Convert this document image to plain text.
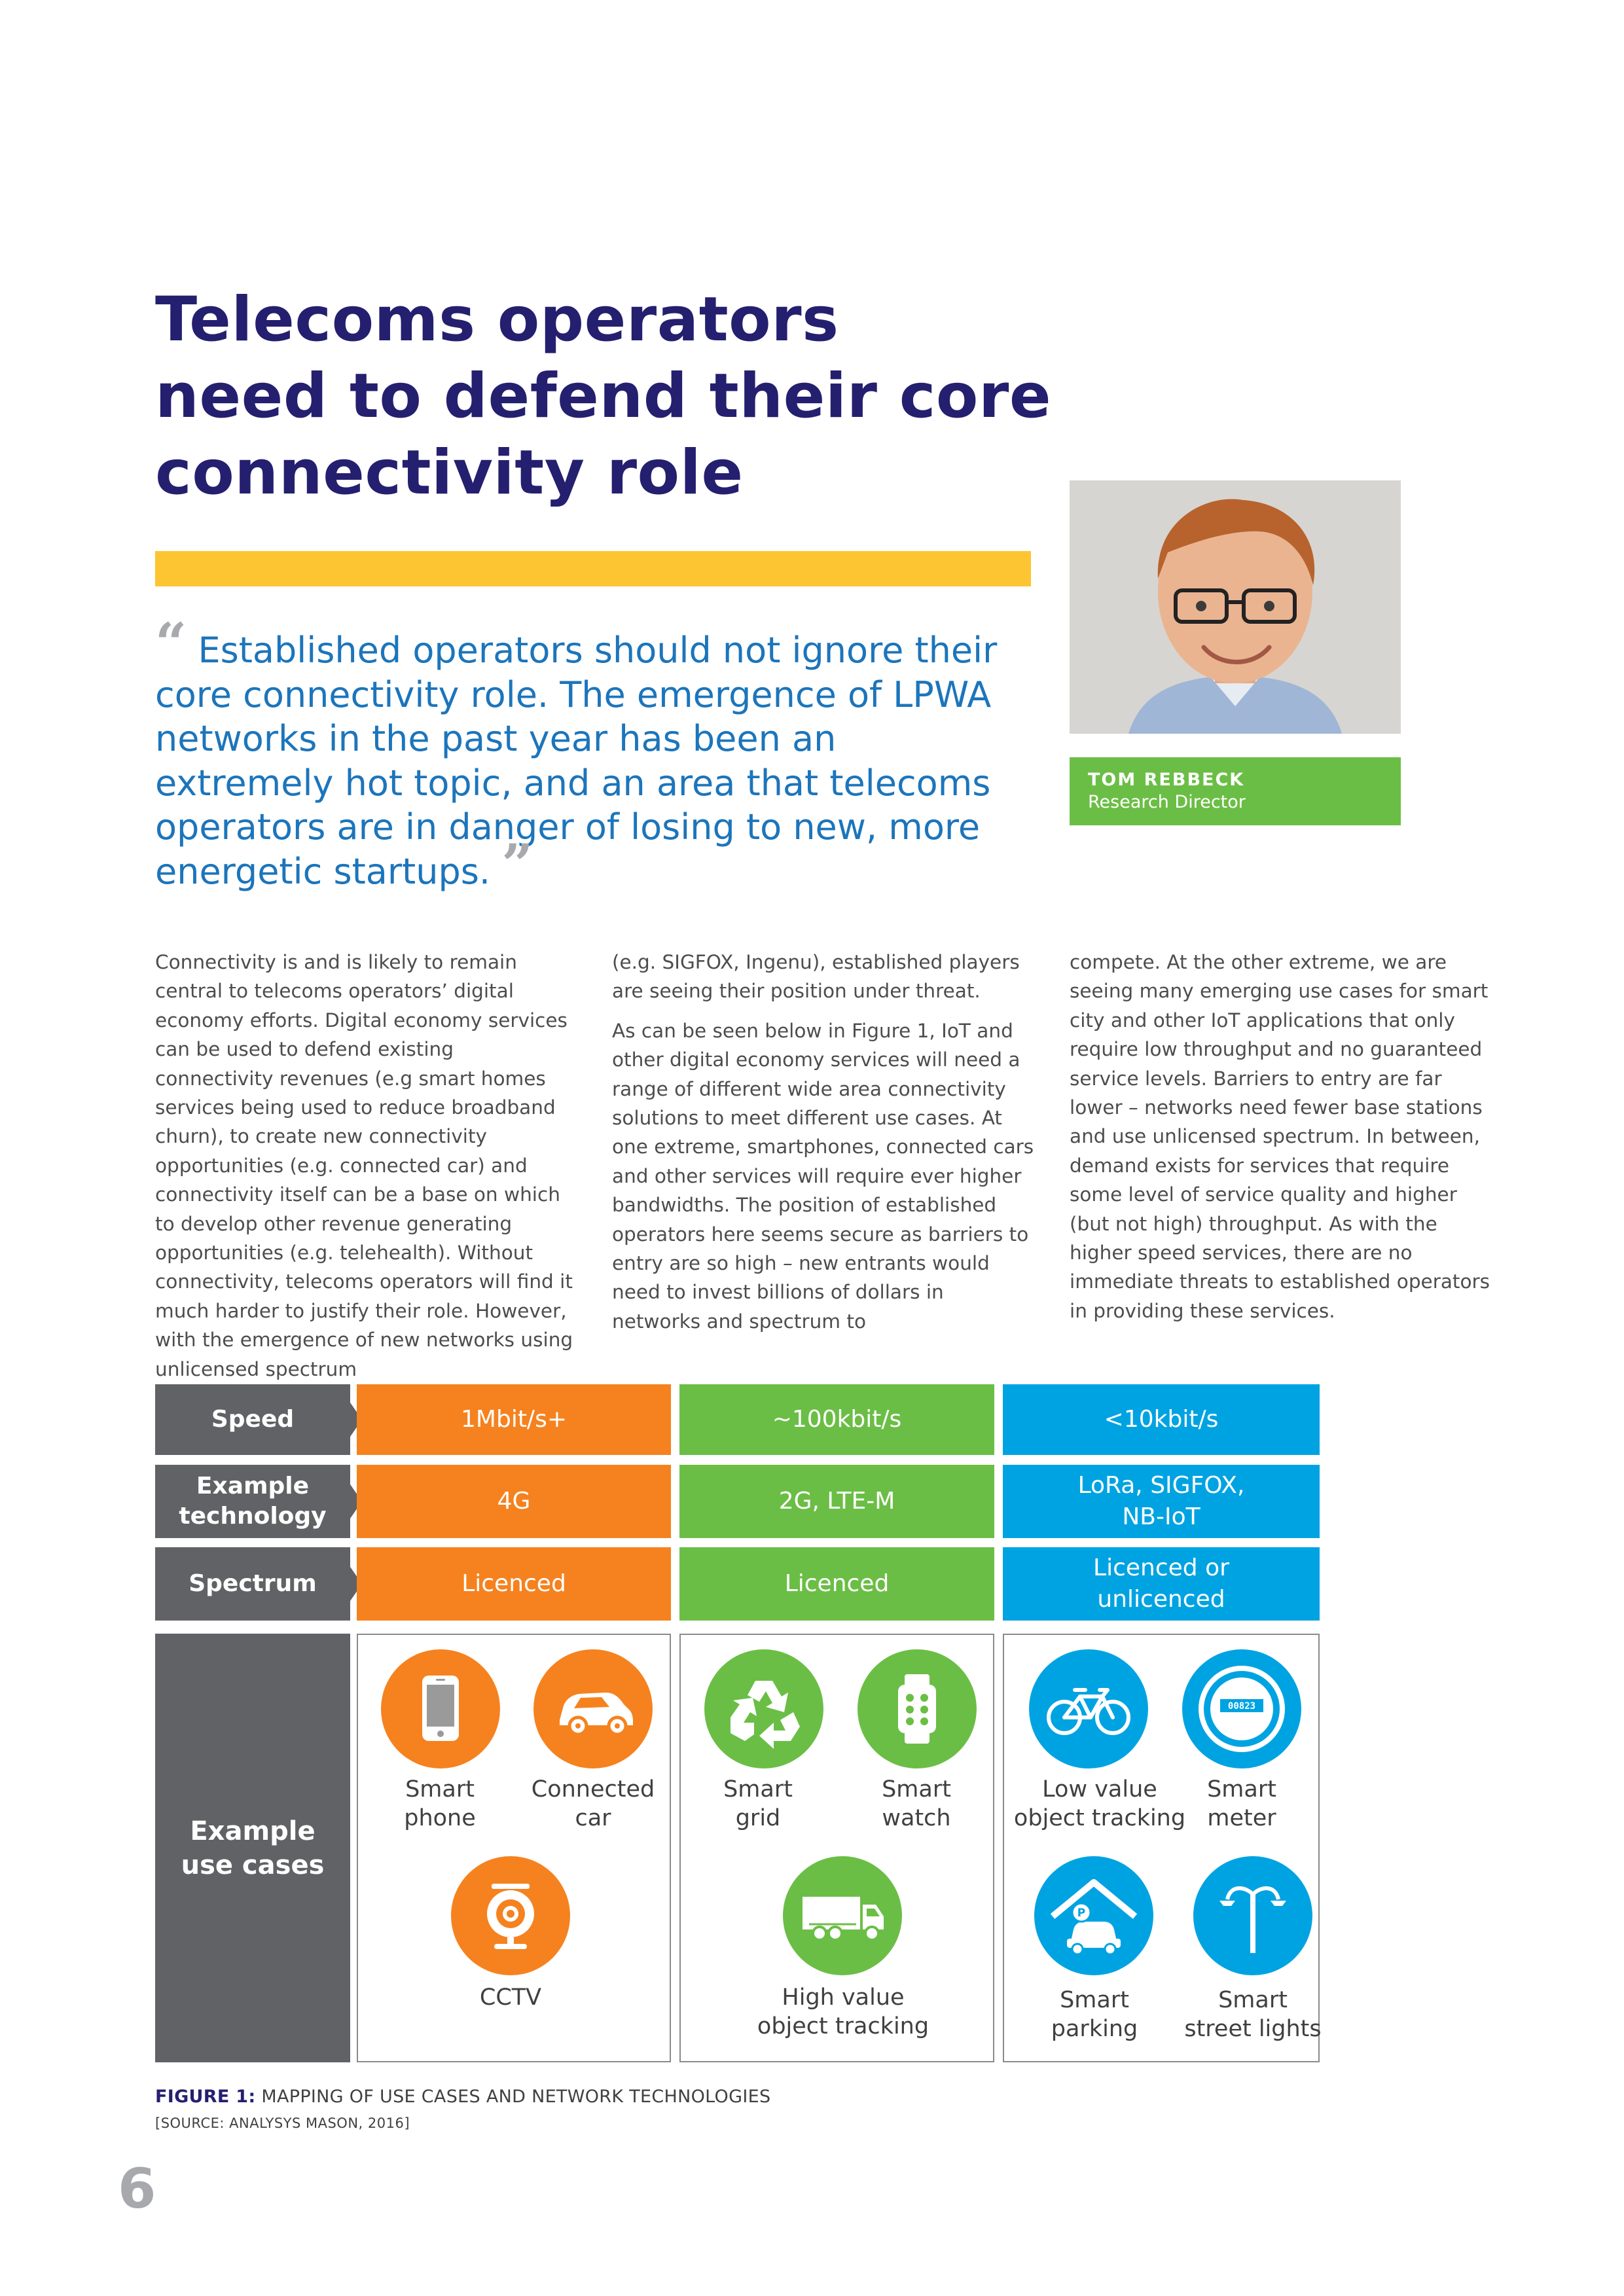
Telecoms operators
need to defend their core
connectivity role

“ Established operators should not ignore their core connectivity role. The emergence of LPWA networks in the past year has been an extremely hot topic, and an area that telecoms operators are in danger of losing to new, more energetic startups. ”

TOM REBBECK
Research Director

Connectivity is and is likely to remain central to telecoms operators’ digital economy efforts. Digital economy services can be used to defend existing connectivity revenues (e.g smart homes services being used to reduce broadband churn), to create new connectivity opportunities (e.g. connected car) and connectivity itself can be a base on which to develop other revenue generating opportunities (e.g. telehealth). Without connectivity, telecoms operators will find it much harder to justify their role. However, with the emergence of new networks using unlicensed spectrum

(e.g. SIGFOX, Ingenu), established players are seeing their position under threat.

As can be seen below in Figure 1, IoT and other digital economy services will need a range of different wide area connectivity solutions to meet different use cases. At one extreme, smartphones, connected cars and other services will require ever higher bandwidths. The position of established operators here seems secure as barriers to entry are so high – new entrants would need to invest billions of dollars in networks and spectrum to

compete. At the other extreme, we are seeing many emerging use cases for smart city and other IoT applications that only require low throughput and no guaranteed service levels. Barriers to entry are far lower – networks need fewer base stations and use unlicensed spectrum. In between, demand exists for services that require some level of service quality and higher (but not high) throughput. As with the higher speed services, there are no immediate threats to established operators in providing these services.

Speed
Example
technology
Spectrum
Example
use cases
1Mbit/s+
4G
Licenced
~100kbit/s
2G, LTE-M
Licenced
<10kbit/s
LoRa, SIGFOX,
NB-IoT
Licenced or
unlicenced
Smart
phone
Connected
car
CCTV
Smart
grid
Smart
watch
High value
object tracking
00823
P
Low value
object tracking
Smart
meter
Smart
parking
Smart
street lights
FIGURE 1: MAPPING OF USE CASES AND NETWORK TECHNOLOGIES
[SOURCE: ANALYSYS MASON, 2016]
6
